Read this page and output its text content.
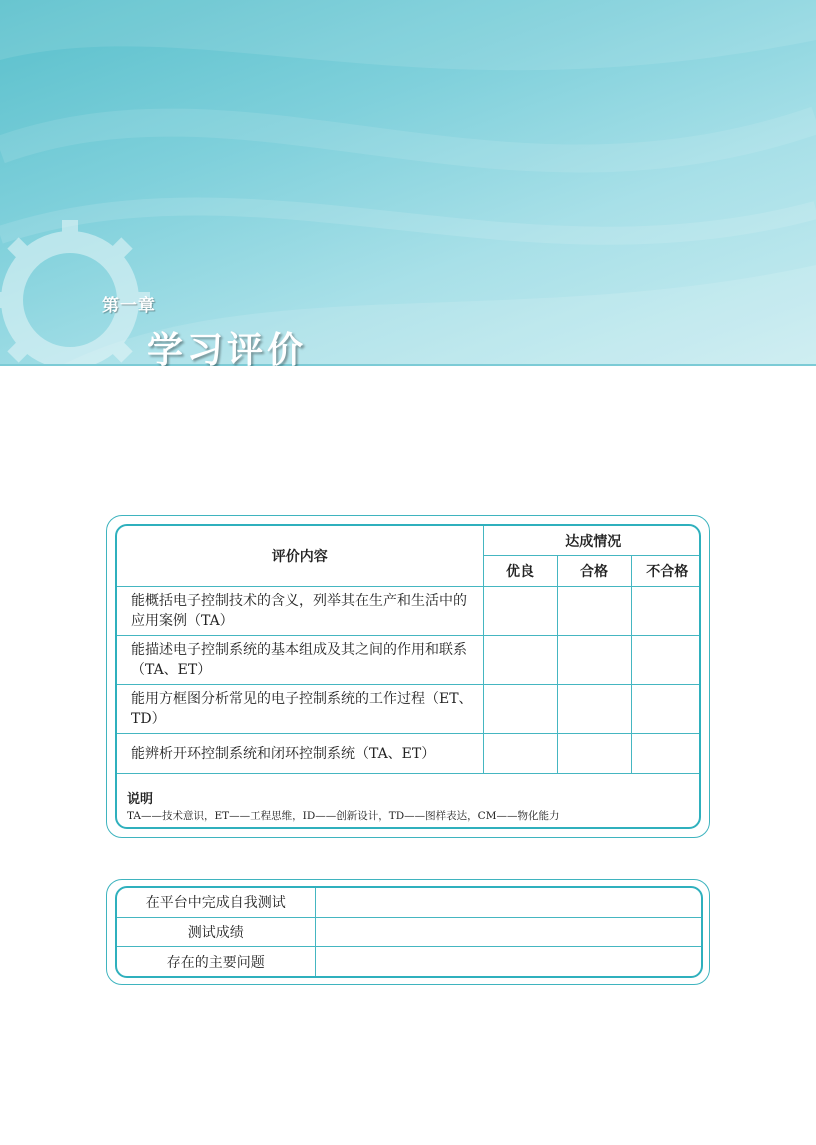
第一章
学习评价
评价内容	达成情况		
	优良	合格	不合格
能概括电子控制技术的含义，列举其在生产和生活中的应用案例（TA）			
能描述电子控制系统的基本组成及其之间的作用和联系（TA、ET）			
能用方框图分析常见的电子控制系统的工作过程（ET、TD）			
能辨析开环控制系统和闭环控制系统（TA、ET）			

说明
TA——技术意识，ET——工程思维，ID——创新设计，TD——图样表达，CM——物化能力			
在平台中完成自我测试	
测试成绩	
存在的主要问题	
